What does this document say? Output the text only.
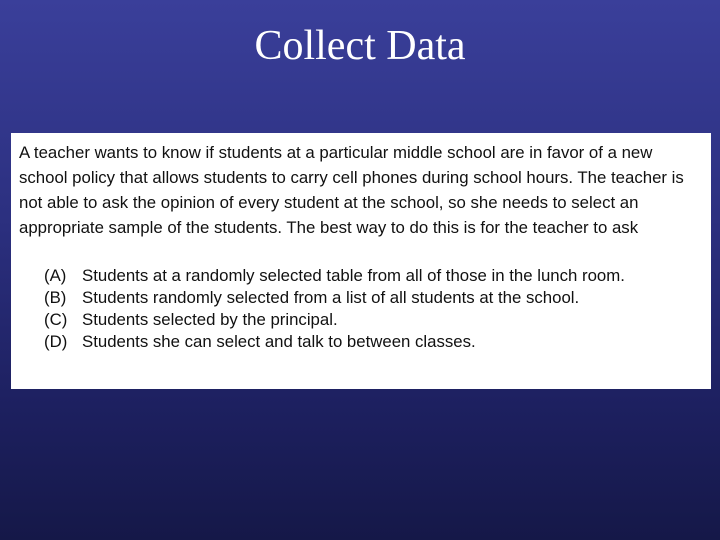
Collect Data

A teacher wants to know if students at a particular middle school are in favor of a new school policy that allows students to carry cell phones during school hours. The teacher is not able to ask the opinion of every student at the school, so she needs to select an appropriate sample of the students. The best way to do this is for the teacher to ask

(A) Students at a randomly selected table from all of those in the lunch room.
(B) Students randomly selected from a list of all students at the school.
(C) Students selected by the principal.
(D) Students she can select and talk to between classes.
